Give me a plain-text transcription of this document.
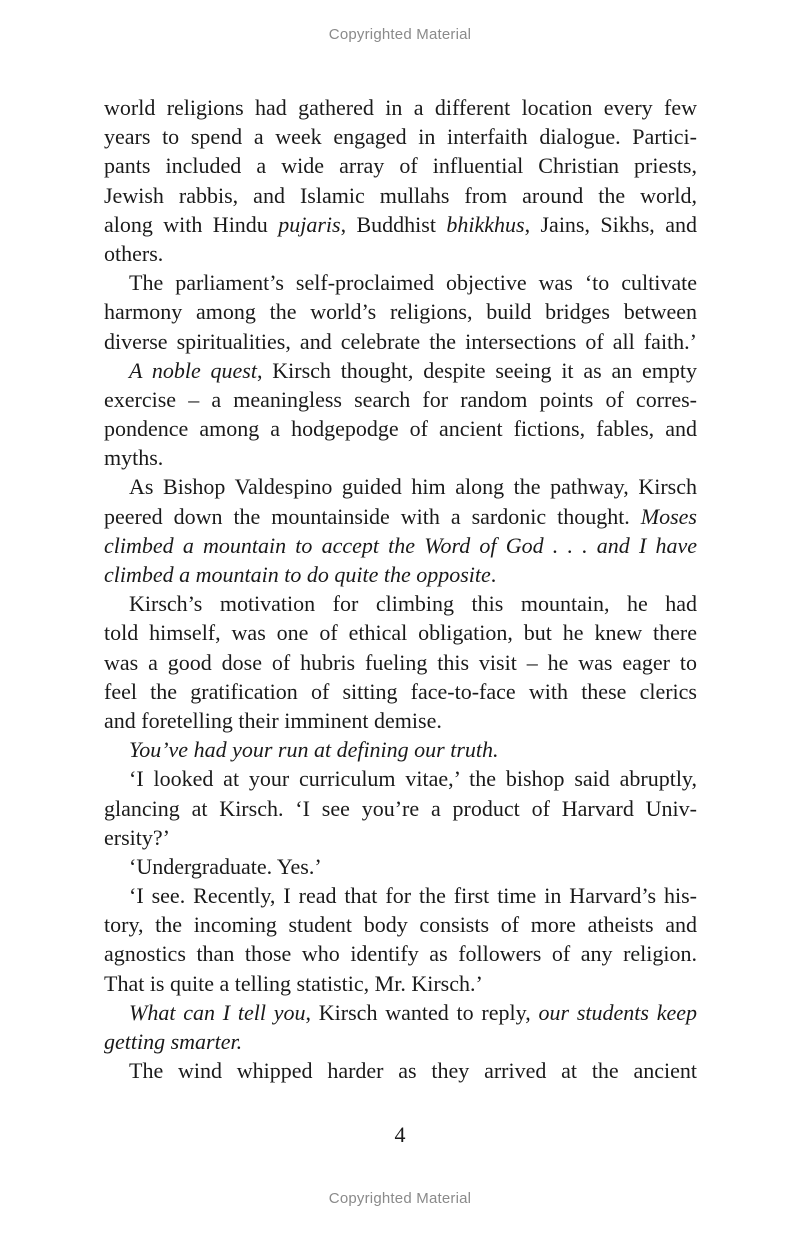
Copyrighted Material
world religions had gathered in a different location every few
years to spend a week engaged in interfaith dialogue. Partici-
pants included a wide array of influential Christian priests,
Jewish rabbis, and Islamic mullahs from around the world,
along with Hindu pujaris, Buddhist bhikkhus, Jains, Sikhs, and
others.
The parliament’s self-proclaimed objective was ‘to cultivate
harmony among the world’s religions, build bridges between
diverse spiritualities, and celebrate the intersections of all faith.’
A noble quest, Kirsch thought, despite seeing it as an empty
exercise – a meaningless search for random points of corres-
pondence among a hodgepodge of ancient fictions, fables, and
myths.
As Bishop Valdespino guided him along the pathway, Kirsch
peered down the mountainside with a sardonic thought. Moses
climbed a mountain to accept the Word of God . . . and I have
climbed a mountain to do quite the opposite.
Kirsch’s motivation for climbing this mountain, he had
told himself, was one of ethical obligation, but he knew there
was a good dose of hubris fueling this visit – he was eager to
feel the gratification of sitting face-to-face with these clerics
and foretelling their imminent demise.
You’ve had your run at defining our truth.
‘I looked at your curriculum vitae,’ the bishop said abruptly,
glancing at Kirsch. ‘I see you’re a product of Harvard Univ-
ersity?’
‘Undergraduate. Yes.’
‘I see. Recently, I read that for the first time in Harvard’s his-
tory, the incoming student body consists of more atheists and
agnostics than those who identify as followers of any religion.
That is quite a telling statistic, Mr. Kirsch.’
What can I tell you, Kirsch wanted to reply, our students keep
getting smarter.
The wind whipped harder as they arrived at the ancient
4
Copyrighted Material
